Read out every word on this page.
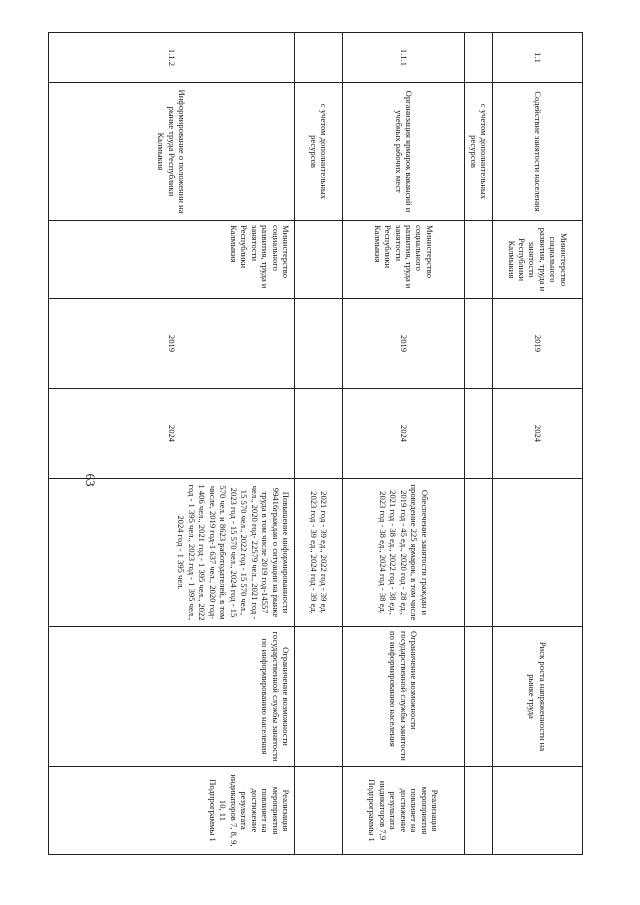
63
1.1	Содействие занятости населения	Министерство социального развития, труда и занятости Республики Калмыкия	2019	2024		Риск роста напряженности на рынке труда	
	с учетом дополнительных ресурсов						
1.1.1	Организация ярмарок вакансий и учебных рабочих мест	Министерство социального развития, труда и занятости Республики Калмыкия	2019	2024	Обеспечение занятости граждан и проведение 225 ярмарок, в том числе 2019 год - 45 ед., 2020 год - 28 ед., 2021 год - 38 ед., 2022 год - 38 ед., 2023 год - 38 ед., 2024 год - 38 ед.	Ограничение возможности государственной службы занятости по информированию населения	Реализация мероприятия повлияет на достижение результата индикаторов 7,9 Подпрограммы 1
	с учетом дополнительных ресурсов				2021 год - 39 ед., 2022 год - 39 ед. 2023 год - 39 ед., 2024 год - 39 ед.		
1.1.2	Информирование о положении на рынке труда Республики Калмыкия	Министерство социального развития, труда и занятости Республики Калмыкия	2019	2024	Повышение информированности 99416граждан о ситуации на рынке труда в том числе 2019 год-14557 чел., 2020 год- 22579 чел., 2021 год - 15 570 чел., 2022 год - 15 570 чел., 2023 год - 15 570 чел., 2024 год - 15 570 чел. и 8623 работодателей, в том числе, 2019 год-1 637 чел., 2020 год- 1 406 чел., 2021 год - 1 395 чел., 2022 год - 1 395 чел., 2023 год - 1 395 чел., 2024 год - 1 395 чел.	Ограничение возможности государственной службы занятости по информированию населения	Реализация мероприятия повлияет на достижение результата индикаторов 7, 8, 9, 10, 11 Подпрограммы 1
